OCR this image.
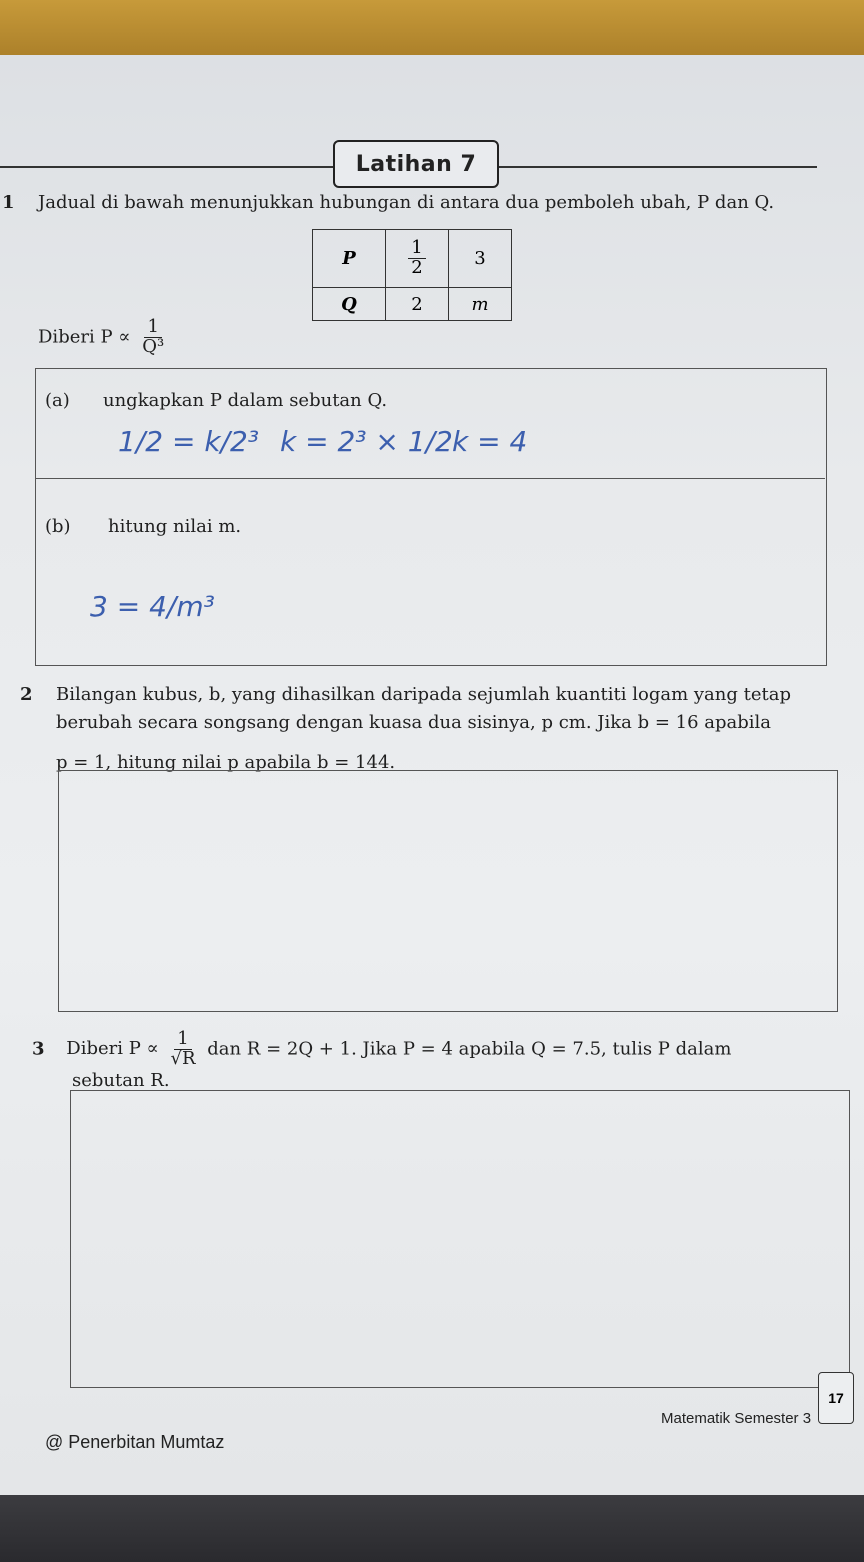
Latihan 7
1 Jadual di bawah menunjukkan hubungan di antara dua pemboleh ubah, P dan Q.
P	$\frac{1}{2}$	3
Q	2	m
Diberi $P \propto \frac{1}{\text{Q³}}$
(a) ungkapkan P dalam sebutan Q.
1/2 = k/2³ k = 2³ × 1/2 k = 4
(b) hitung nilai m.
3 = 4/m³
2 Bilangan kubus, b, yang dihasilkan daripada sejumlah kuantiti logam yang tetap
berubah secara songsang dengan kuasa dua sisinya, p cm. Jika b = 16 apabila
p = 1, hitung nilai p apabila b = 144.
3 Diberi $P \propto \frac{1}{√R}$ dan R = 2Q + 1. Jika P = 4 apabila Q = 7.5, tulis P dalam
sebutan R.
17
Matematik Semester 3
@ Penerbitan Mumtaz
